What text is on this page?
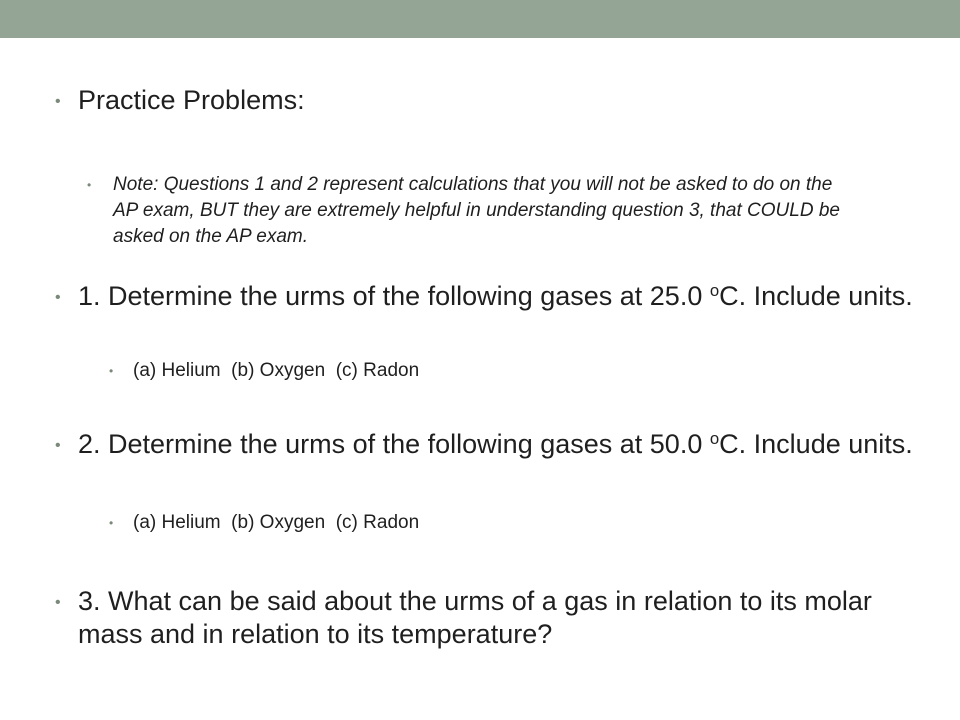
• Practice Problems:
• Note: Questions 1 and 2 represent calculations that you will not be asked to do on the AP exam, BUT they are extremely helpful in understanding question 3, that COULD be asked on the AP exam.
• 1. Determine the urms of the following gases at 25.0 $^o$C. Include units.
• (a) Helium  (b) Oxygen  (c) Radon
• 2. Determine the urms of the following gases at 50.0 $^o$C. Include units.
• (a) Helium  (b) Oxygen  (c) Radon
• 3. What can be said about the urms of a gas in relation to its molar mass and in relation to its temperature?
